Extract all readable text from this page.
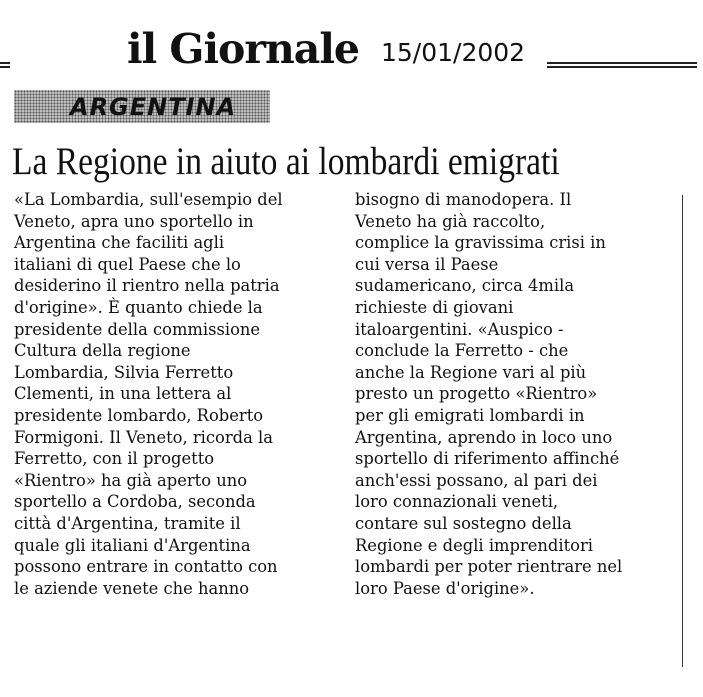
il Giornale 15/01/2002
ARGENTINA
La Regione in aiuto ai lombardi emigrati
«La Lombardia, sull'esempio del
Veneto, apra uno sportello in
Argentina che faciliti agli
italiani di quel Paese che lo
desiderino il rientro nella patria
d'origine». È quanto chiede la
presidente della commissione
Cultura della regione
Lombardia, Silvia Ferretto
Clementi, in una lettera al
presidente lombardo, Roberto
Formigoni. Il Veneto, ricorda la
Ferretto, con il progetto
«Rientro» ha già aperto uno
sportello a Cordoba, seconda
città d'Argentina, tramite il
quale gli italiani d'Argentina
possono entrare in contatto con
le aziende venete che hanno
bisogno di manodopera. Il
Veneto ha già raccolto,
complice la gravissima crisi in
cui versa il Paese
sudamericano, circa 4mila
richieste di giovani
italoargentini. «Auspico -
conclude la Ferretto - che
anche la Regione vari al più
presto un progetto «Rientro»
per gli emigrati lombardi in
Argentina, aprendo in loco uno
sportello di riferimento affinché
anch'essi possano, al pari dei
loro connazionali veneti,
contare sul sostegno della
Regione e degli imprenditori
lombardi per poter rientrare nel
loro Paese d'origine».
